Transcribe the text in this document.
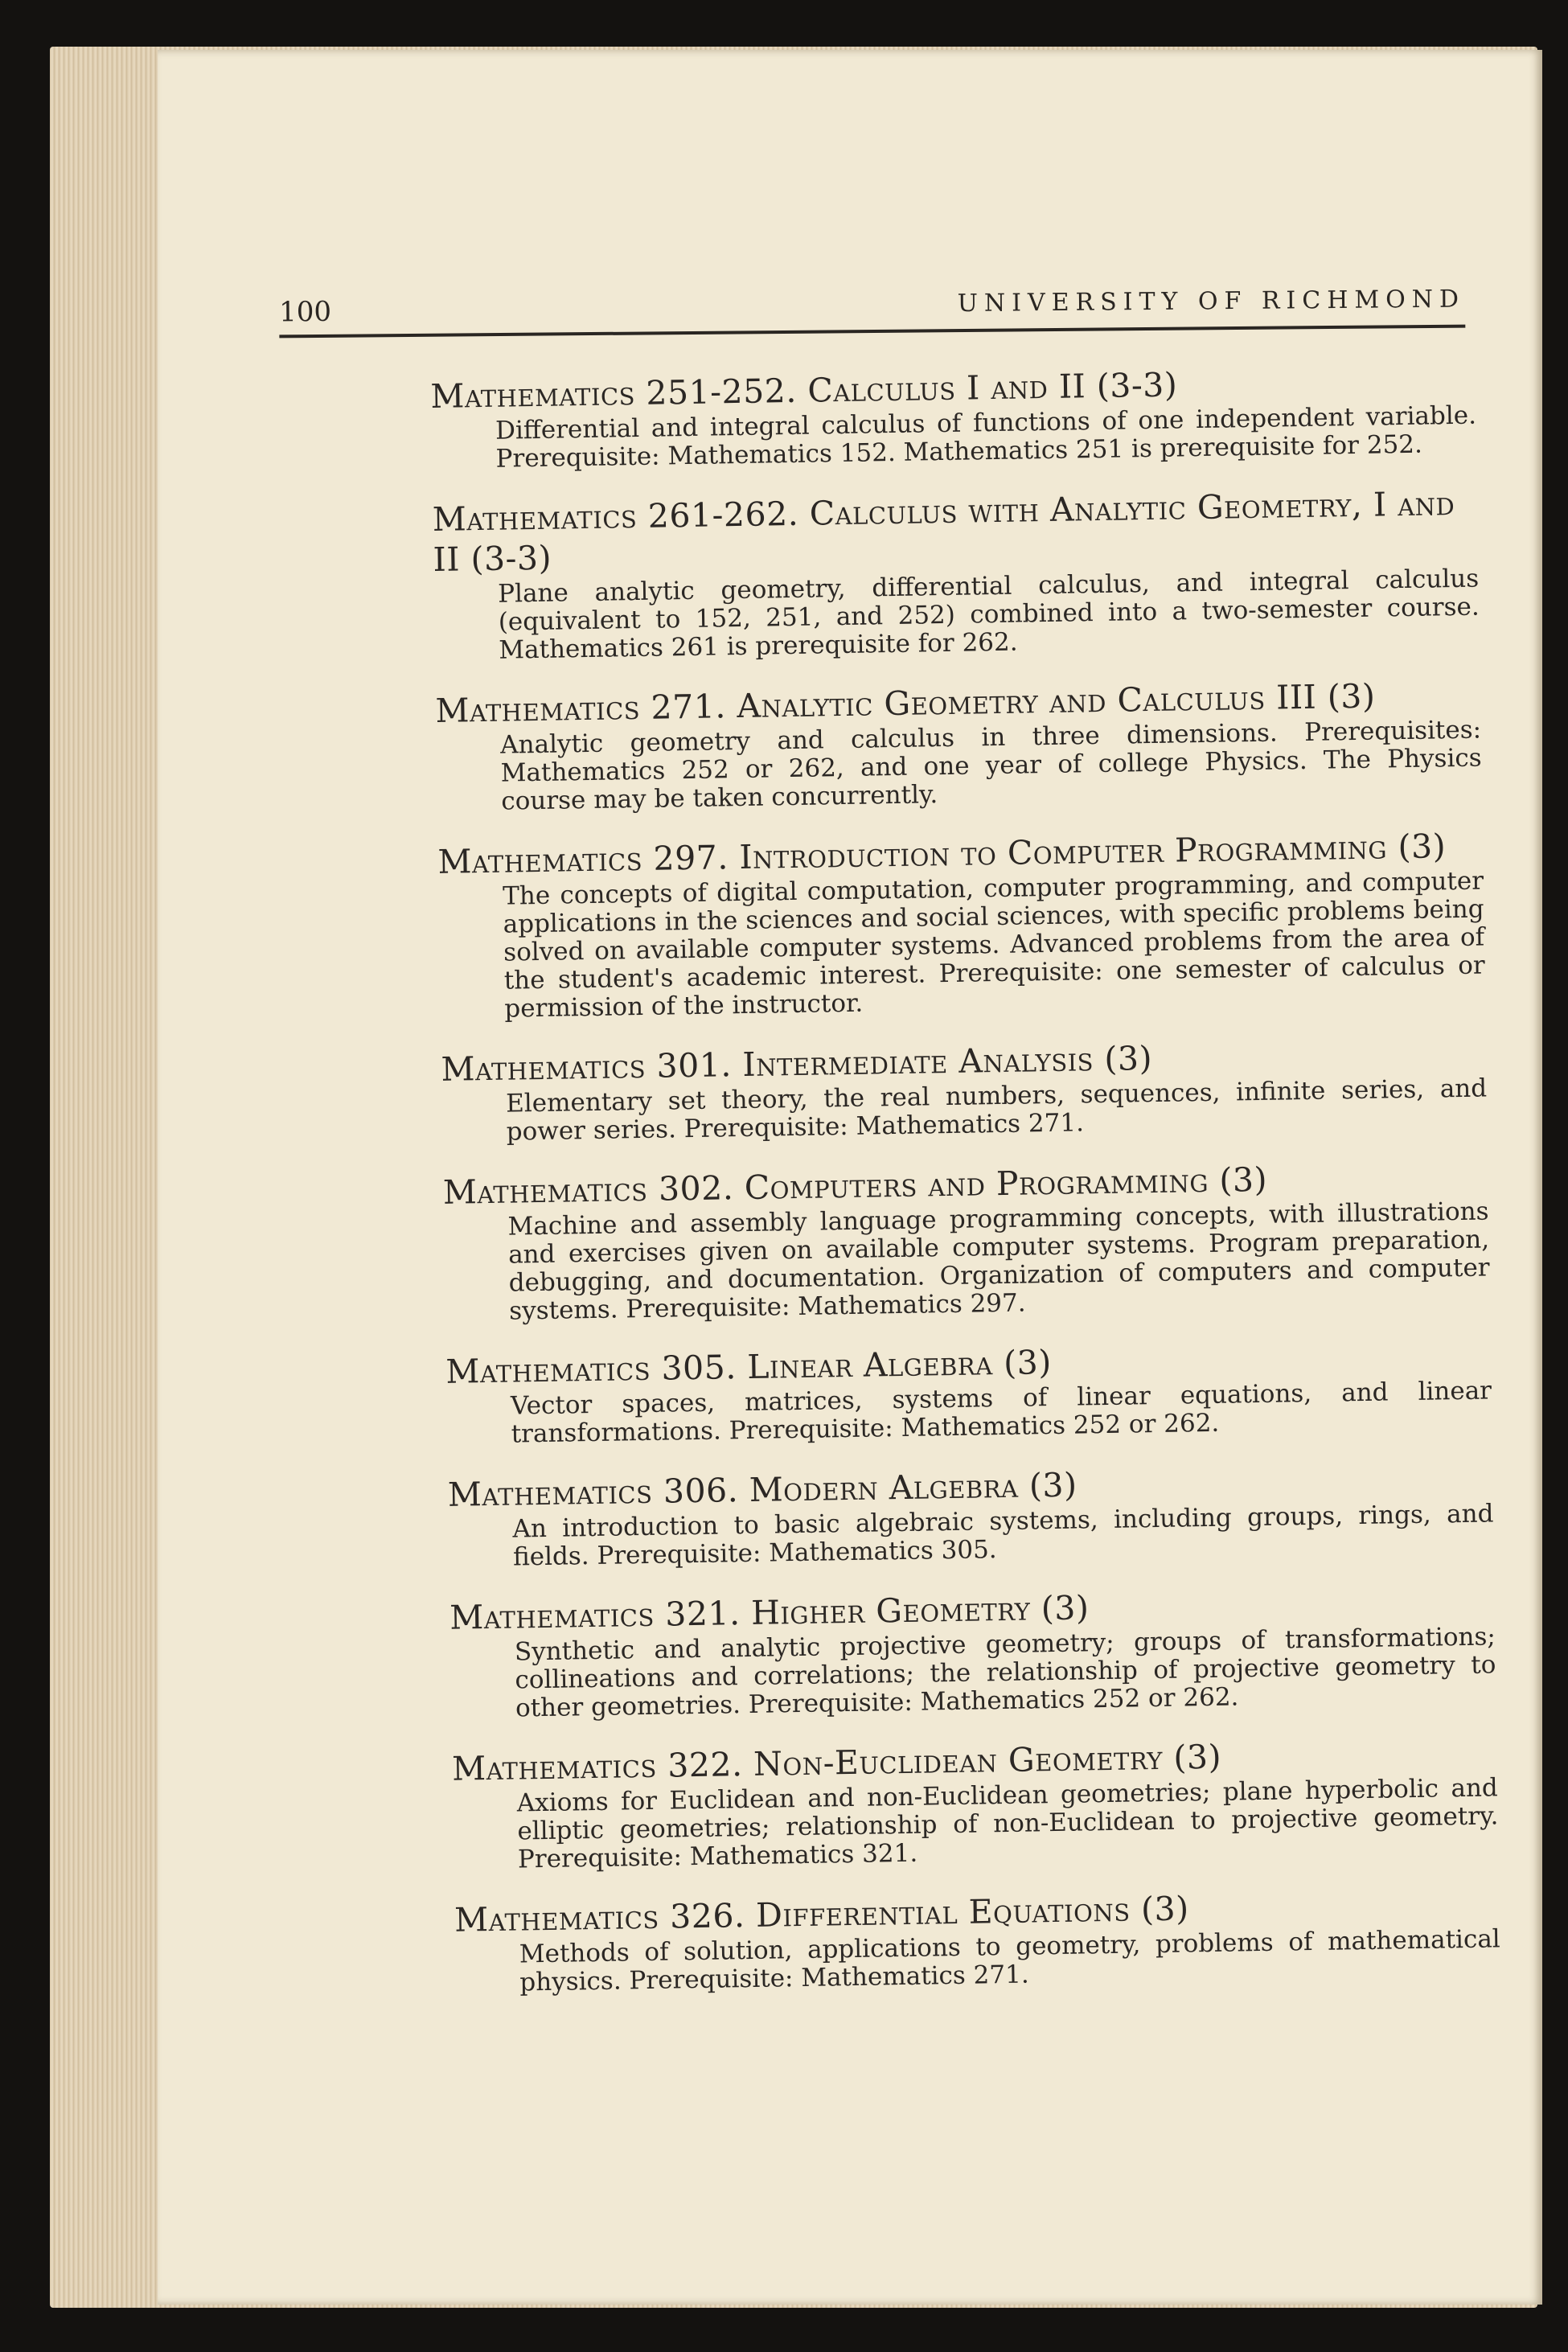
100	UNIVERSITY OF RICHMOND
Mathematics 251-252. Calculus I and II (3-3)
Differential and integral calculus of functions of one independent variable. Prerequisite: Mathematics 152. Mathematics 251 is prerequisite for 252.
Mathematics 261-262. Calculus with Analytic Geometry, I and II (3-3)
Plane analytic geometry, differential calculus, and integral calculus (equivalent to 152, 251, and 252) combined into a two-semester course. Mathematics 261 is prerequisite for 262.
Mathematics 271. Analytic Geometry and Calculus III (3)
Analytic geometry and calculus in three dimensions. Prerequisites: Mathematics 252 or 262, and one year of college Physics. The Physics course may be taken concurrently.
Mathematics 297. Introduction to Computer Programming (3)
The concepts of digital computation, computer programming, and computer applications in the sciences and social sciences, with specific problems being solved on available computer systems. Advanced problems from the area of the student's academic interest. Prerequisite: one semester of calculus or permission of the instructor.
Mathematics 301. Intermediate Analysis (3)
Elementary set theory, the real numbers, sequences, infinite series, and power series. Prerequisite: Mathematics 271.
Mathematics 302. Computers and Programming (3)
Machine and assembly language programming concepts, with illustrations and exercises given on available computer systems. Program preparation, debugging, and documentation. Organization of computers and computer systems. Prerequisite: Mathematics 297.
Mathematics 305. Linear Algebra (3)
Vector spaces, matrices, systems of linear equations, and linear transformations. Prerequisite: Mathematics 252 or 262.
Mathematics 306. Modern Algebra (3)
An introduction to basic algebraic systems, including groups, rings, and fields. Prerequisite: Mathematics 305.
Mathematics 321. Higher Geometry (3)
Synthetic and analytic projective geometry; groups of transformations; collineations and correlations; the relationship of projective geometry to other geometries. Prerequisite: Mathematics 252 or 262.
Mathematics 322. Non-Euclidean Geometry (3)
Axioms for Euclidean and non-Euclidean geometries; plane hyperbolic and elliptic geometries; relationship of non-Euclidean to projective geometry. Prerequisite: Mathematics 321.
Mathematics 326. Differential Equations (3)
Methods of solution, applications to geometry, problems of mathematical physics. Prerequisite: Mathematics 271.
